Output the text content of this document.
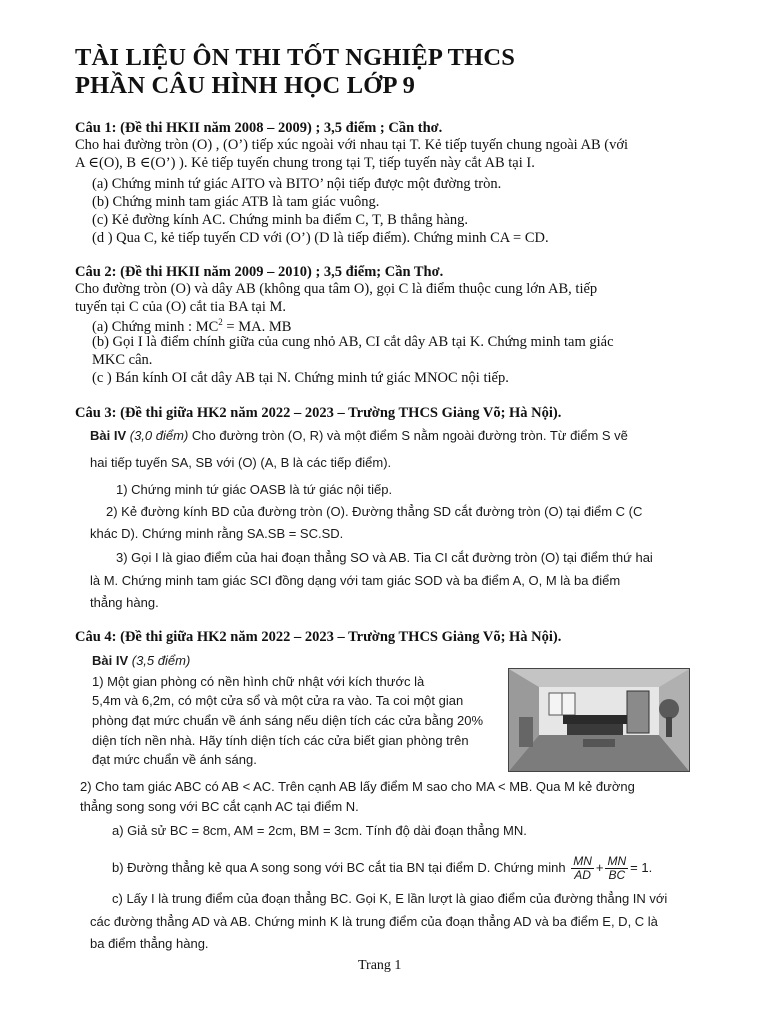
TÀI LIỆU ÔN THI TỐT NGHIỆP THCS
PHẦN CÂU HÌNH HỌC LỚP 9
Câu 1: (Đề thi HKII năm 2008 – 2009) ; 3,5 điểm ; Cần thơ.
Cho hai đường tròn (O) , (O’) tiếp xúc ngoài với nhau tại T. Kẻ tiếp tuyến chung ngoài AB (với
A ∈(O), B ∈(O’) ). Kẻ tiếp tuyến chung trong tại T, tiếp tuyến này cắt AB tại I.
(a) Chứng minh tứ giác AITO và BITO’ nội tiếp được một đường tròn.
(b) Chứng minh tam giác ATB là tam giác vuông.
(c) Kẻ đường kính AC. Chứng minh ba điểm C, T, B thẳng hàng.
(d ) Qua C, kẻ tiếp tuyến CD với (O’) (D là tiếp điểm). Chứng minh CA = CD.
Câu 2: (Đề thi HKII năm 2009 – 2010) ; 3,5 điểm; Cần Thơ.
Cho đường tròn (O) và dây AB (không qua tâm O), gọi C là điểm thuộc cung lớn AB, tiếp
tuyến tại C của (O) cắt tia BA tại M.
(a) Chứng minh : $MC^2$ = MA. MB
(b) Gọi I là điểm chính giữa của cung nhỏ AB, CI cắt dây AB tại K. Chứng minh tam giác
MKC cân.
(c ) Bán kính OI cắt dây AB tại N. Chứng minh tứ giác MNOC nội tiếp.
Câu 3: (Đề thi giữa HK2 năm 2022 – 2023 – Trường THCS Giảng Võ; Hà Nội).
Bài IV (3,0 điểm) Cho đường tròn (O, R) và một điểm S nằm ngoài đường tròn. Từ điểm S vẽ
hai tiếp tuyến SA, SB với (O) (A, B là các tiếp điểm).
1) Chứng minh tứ giác OASB là tứ giác nội tiếp.
2) Kẻ đường kính BD của đường tròn (O). Đường thẳng SD cắt đường tròn (O) tại điểm C (C
khác D). Chứng minh rằng SA.SB = SC.SD.
3) Gọi I là giao điểm của hai đoạn thẳng SO và AB. Tia CI cắt đường tròn (O) tại điểm thứ hai
là M. Chứng minh tam giác SCI đồng dạng với tam giác SOD và ba điểm A, O, M là ba điểm
thẳng hàng.
Câu 4: (Đề thi giữa HK2 năm 2022 – 2023 – Trường THCS Giảng Võ; Hà Nội).
Bài IV (3,5 điểm)
1) Một gian phòng có nền hình chữ nhật với kích thước là
5,4m và 6,2m, có một cửa sổ và một cửa ra vào. Ta coi một gian
phòng đạt mức chuẩn về ánh sáng nếu diện tích các cửa bằng 20%
diện tích nền nhà. Hãy tính diện tích các cửa biết gian phòng trên
đạt mức chuẩn về ánh sáng.
2) Cho tam giác ABC có AB < AC. Trên cạnh AB lấy điểm M sao cho MA < MB. Qua M kẻ đường
thẳng song song với BC cắt cạnh AC tại điểm N.
a) Giả sử BC = 8cm, AM = 2cm, BM = 3cm. Tính độ dài đoạn thẳng MN.
b) Đường thẳng kẻ qua A song song với BC cắt tia BN tại điểm D. Chứng minh $\frac{MN}{AD} + \frac{MN}{BC} = 1$.
c) Lấy I là trung điểm của đoạn thẳng BC. Gọi K, E lần lượt là giao điểm của đường thẳng IN với
các đường thẳng AD và AB. Chứng minh K là trung điểm của đoạn thẳng AD và ba điểm E, D, C là
ba điểm thẳng hàng.
Trang 1
